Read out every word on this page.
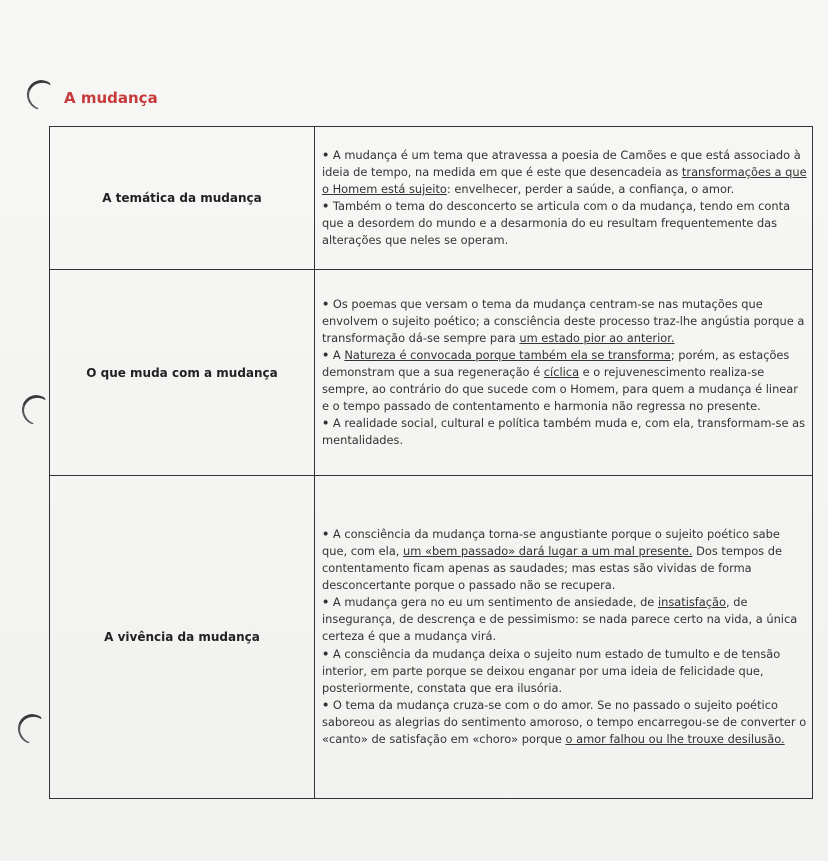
A mudança
A temática da mudança	• A mudança é um tema que atravessa a poesia de Camões e que está associado à ideia de tempo, na medida em que é este que desencadeia as transformações a que o Homem está sujeito: envelhecer, perder a saúde, a confiança, o amor.
• Também o tema do desconcerto se articula com o da mudança, tendo em conta que a desordem do mundo e a desarmonia do eu resultam frequentemente das alterações que neles se operam.

O que muda com a mudança	• Os poemas que versam o tema da mudança centram-se nas mutações que envolvem o sujeito poético; a consciência deste processo traz-lhe angústia porque a transformação dá-se sempre para um estado pior ao anterior.
• A Natureza é convocada porque também ela se transforma; porém, as estações demonstram que a sua regeneração é cíclica e o rejuvenescimento realiza-se sempre, ao contrário do que sucede com o Homem, para quem a mudança é linear e o tempo passado de contentamento e harmonia não regressa no presente.
• A realidade social, cultural e política também muda e, com ela, transformam-se as mentalidades.

A vivência da mudança	• A consciência da mudança torna-se angustiante porque o sujeito poético sabe que, com ela, um «bem passado» dará lugar a um mal presente. Dos tempos de contentamento ficam apenas as saudades; mas estas são vividas de forma desconcertante porque o passado não se recupera.
• A mudança gera no eu um sentimento de ansiedade, de insatisfação, de insegurança, de descrença e de pessimismo: se nada parece certo na vida, a única certeza é que a mudança virá.
• A consciência da mudança deixa o sujeito num estado de tumulto e de tensão interior, em parte porque se deixou enganar por uma ideia de felicidade que, posteriormente, constata que era ilusória.
• O tema da mudança cruza-se com o do amor. Se no passado o sujeito poético saboreou as alegrias do sentimento amoroso, o tempo encarregou-se de converter o «canto» de satisfação em «choro» porque o amor falhou ou lhe trouxe desilusão.
